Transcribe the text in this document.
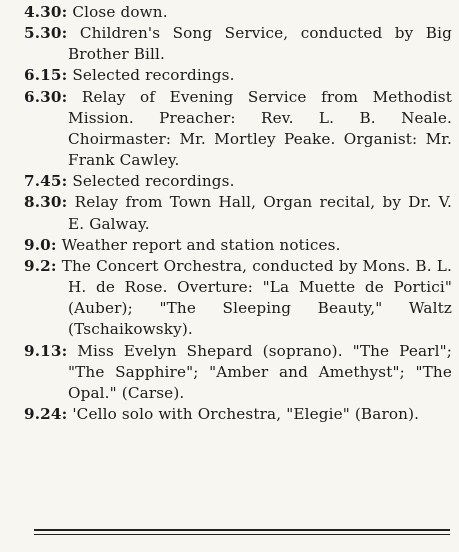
4.30: Close down.
5.30: Children's Song Service, conducted by Big Brother Bill.
6.15: Selected recordings.
6.30: Relay of Evening Service from Methodist Mission. Preacher: Rev. L. B. Neale. Choirmaster: Mr. Mortley Peake. Organist: Mr. Frank Cawley.
7.45: Selected recordings.
8.30: Relay from Town Hall, Organ recital, by Dr. V. E. Galway.
9.0: Weather report and station notices.
9.2: The Concert Orchestra, conducted by Mons. B. L. H. de Rose. Overture: "La Muette de Portici" (Auber); "The Sleeping Beauty," Waltz (Tschaikowsky).
9.13: Miss Evelyn Shepard (soprano). "The Pearl"; "The Sapphire"; "Amber and Amethyst"; "The Opal." (Carse).
9.24: 'Cello solo with Orchestra, "Elegie" (Baron).
